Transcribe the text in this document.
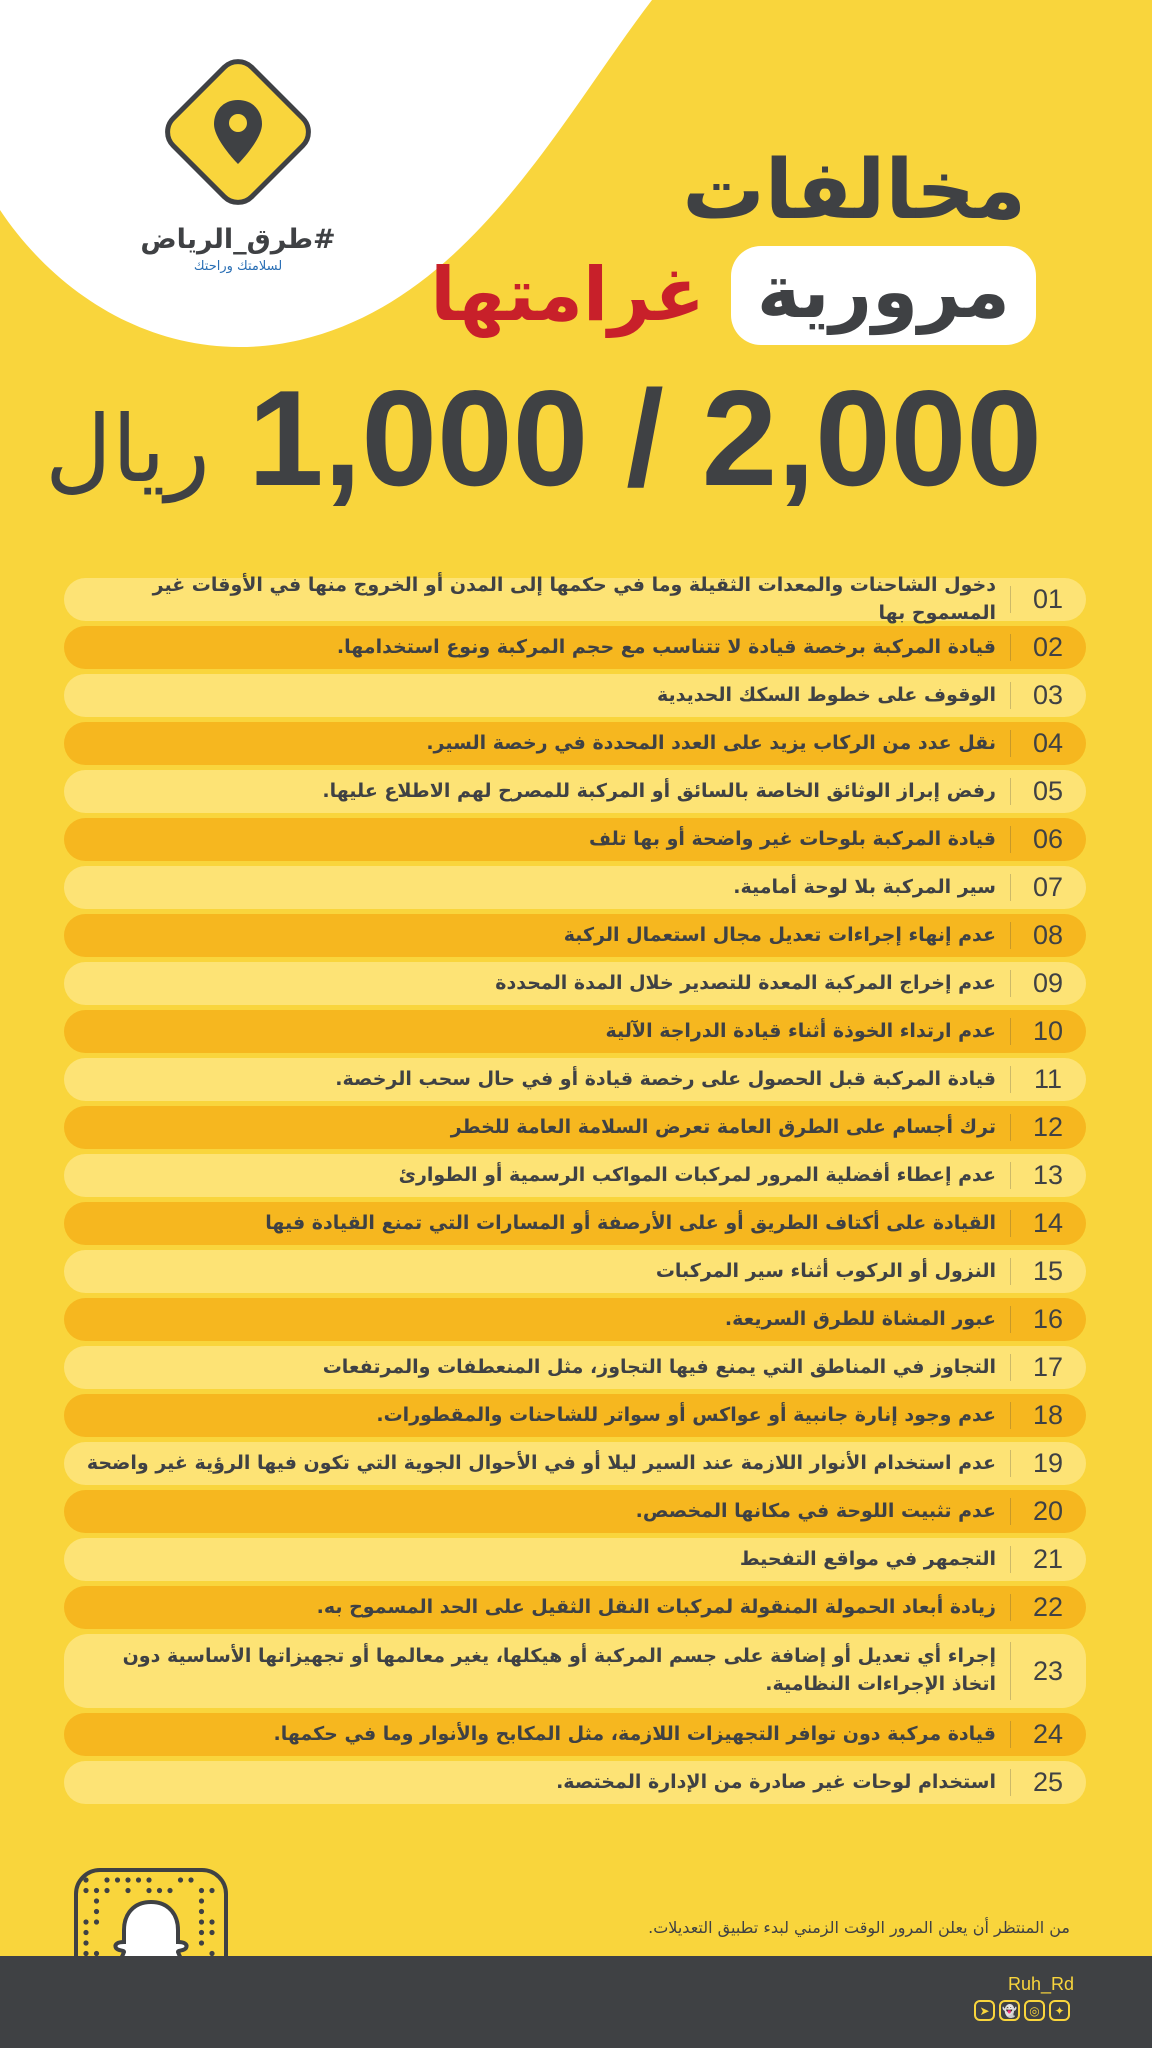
#طرق_الرياض
لسلامتك وراحتك
مخالفات
مرورية
غرامتها
ريال 1,000 / 2,000
01
دخول الشاحنات والمعدات الثقيلة وما في حكمها إلى المدن أو الخروج منها في الأوقات غير المسموح بها
02
قيادة المركبة برخصة قيادة لا تتناسب مع حجم المركبة ونوع استخدامها.
03
الوقوف على خطوط السكك الحديدية
04
نقل عدد من الركاب يزيد على العدد المحددة في رخصة السير.
05
رفض إبراز الوثائق الخاصة بالسائق أو المركبة للمصرح لهم الاطلاع عليها.
06
قيادة المركبة بلوحات غير واضحة أو بها تلف
07
سير المركبة بلا لوحة أمامية.
08
عدم إنهاء إجراءات تعديل مجال استعمال الركبة
09
عدم إخراج المركبة المعدة للتصدير خلال المدة المحددة
10
عدم ارتداء الخوذة أثناء قيادة الدراجة الآلية
11
قيادة المركبة قبل الحصول على رخصة قيادة أو في حال سحب الرخصة.
12
ترك أجسام على الطرق العامة تعرض السلامة العامة للخطر
13
عدم إعطاء أفضلية المرور لمركبات المواكب الرسمية أو الطوارئ
14
القيادة على أكتاف الطريق أو على الأرصفة أو المسارات التي تمنع القيادة فيها
15
النزول أو الركوب أثناء سير المركبات
16
عبور المشاة للطرق السريعة.
17
التجاوز في المناطق التي يمنع فيها التجاوز، مثل المنعطفات والمرتفعات
18
عدم وجود إنارة جانبية أو عواكس أو سواتر للشاحنات والمقطورات.
19
عدم استخدام الأنوار اللازمة عند السير ليلا أو في الأحوال الجوية التي تكون فيها الرؤية غير واضحة
20
عدم تثبيت اللوحة في مكانها المخصص.
21
التجمهر في مواقع التفحيط
22
زيادة أبعاد الحمولة المنقولة لمركبات النقل الثقيل على الحد المسموح به.
23
إجراء أي تعديل أو إضافة على جسم المركبة أو هيكلها، يغير معالمها أو تجهيزاتها الأساسية دون اتخاذ الإجراءات النظامية.
24
قيادة مركبة دون توافر التجهيزات اللازمة، مثل المكابح والأنوار وما في حكمها.
25
استخدام لوحات غير صادرة من الإدارة المختصة.
من المنتظر أن يعلن المرور الوقت الزمني لبدء تطبيق التعديلات.
Ruh_Rd
➤	👻	◎	✦
